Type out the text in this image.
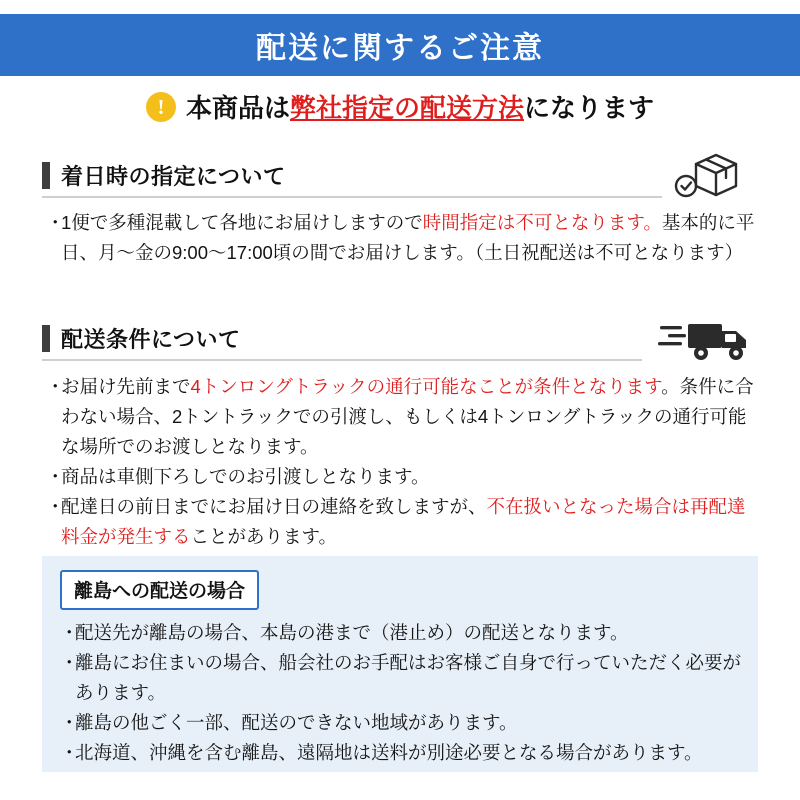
配送に関するご注意
! 本商品は弊社指定の配送方法になります
着日時の指定について
・
1便で多種混載して各地にお届けしますので時間指定は不可となります。基本的に平日、月〜金の9:00〜17:00頃の間でお届けします。（土日祝配送は不可となります）
配送条件について
・
お届け先前まで4トンロングトラックの通行可能なことが条件となります。条件に合わない場合、2トントラックでの引渡し、もしくは4トンロングトラックの通行可能な場所でのお渡しとなります。
・
商品は車側下ろしでのお引渡しとなります。
・
配達日の前日までにお届け日の連絡を致しますが、不在扱いとなった場合は再配達料金が発生することがあります。
離島への配送の場合
・
配送先が離島の場合、本島の港まで（港止め）の配送となります。
・
離島にお住まいの場合、船会社のお手配はお客様ご自身で行っていただく必要があります。
・
離島の他ごく一部、配送のできない地域があります。
・
北海道、沖縄を含む離島、遠隔地は送料が別途必要となる場合があります。
